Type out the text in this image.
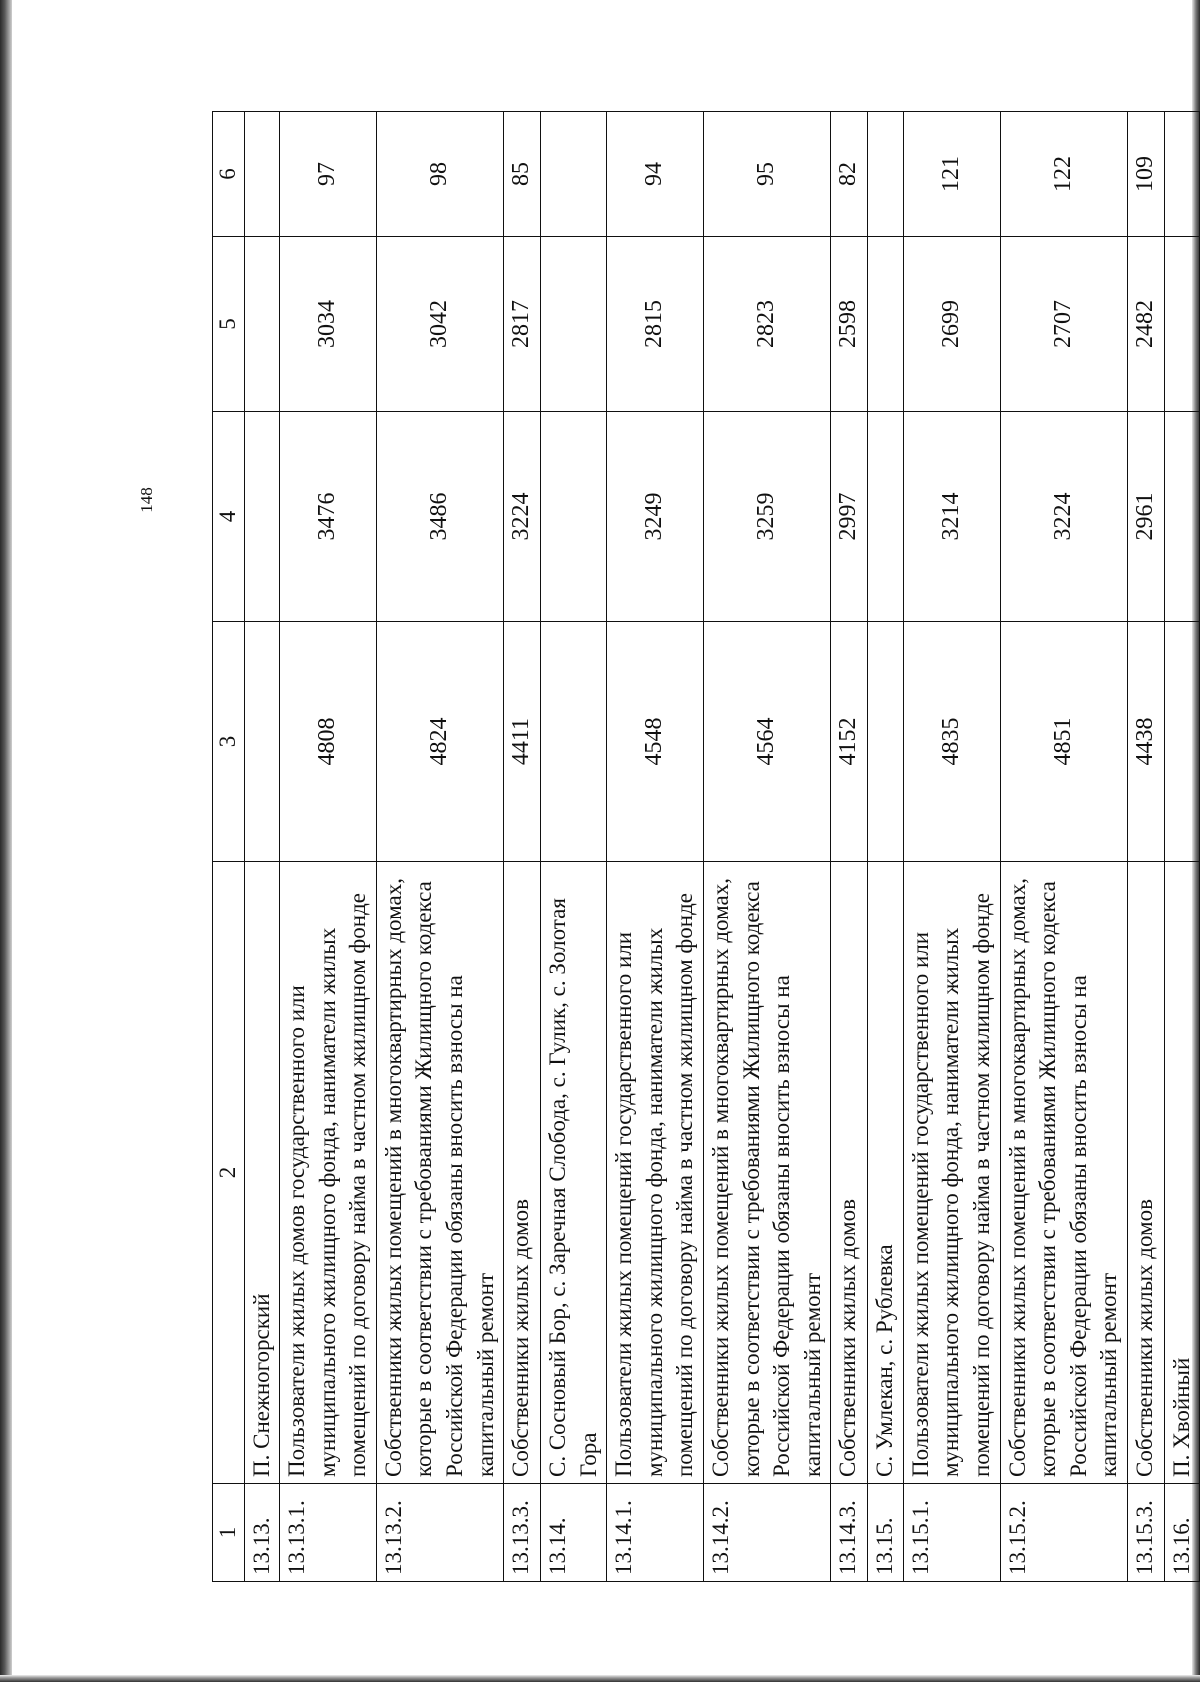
148
1	2	3	4	5	6
13.13.	П. Снежногорский				
13.13.1.	Пользователи жилых домов государственного или муниципального жилищного фонда, наниматели жилых помещений по договору найма в частном жилищном фонде	4808	3476	3034	97
13.13.2.	Собственники жилых помещений в многоквартирных домах, которые в соответствии с требованиями Жилищного кодекса Российской Федерации обязаны вносить взносы на капитальный ремонт	4824	3486	3042	98
13.13.3.	Собственники жилых домов	4411	3224	2817	85
13.14.	С. Сосновый Бор, с. Заречная Слобода, с. Гулик, с. Золотая Гора				
13.14.1.	Пользователи жилых помещений государственного или муниципального жилищного фонда, наниматели жилых помещений по договору найма в частном жилищном фонде	4548	3249	2815	94
13.14.2.	Собственники жилых помещений в многоквартирных домах, которые в соответствии с требованиями Жилищного кодекса Российской Федерации обязаны вносить взносы на капитальный ремонт	4564	3259	2823	95
13.14.3.	Собственники жилых домов	4152	2997	2598	82
13.15.	С. Умлекан, с. Рублевка				
13.15.1.	Пользователи жилых помещений государственного или муниципального жилищного фонда, наниматели жилых помещений по договору найма в частном жилищном фонде	4835	3214	2699	121
13.15.2.	Собственники жилых помещений в многоквартирных домах, которые в соответствии с требованиями Жилищного кодекса Российской Федерации обязаны вносить взносы на капитальный ремонт	4851	3224	2707	122
13.15.3.	Собственники жилых домов	4438	2961	2482	109
13.16.	П. Хвойный				
